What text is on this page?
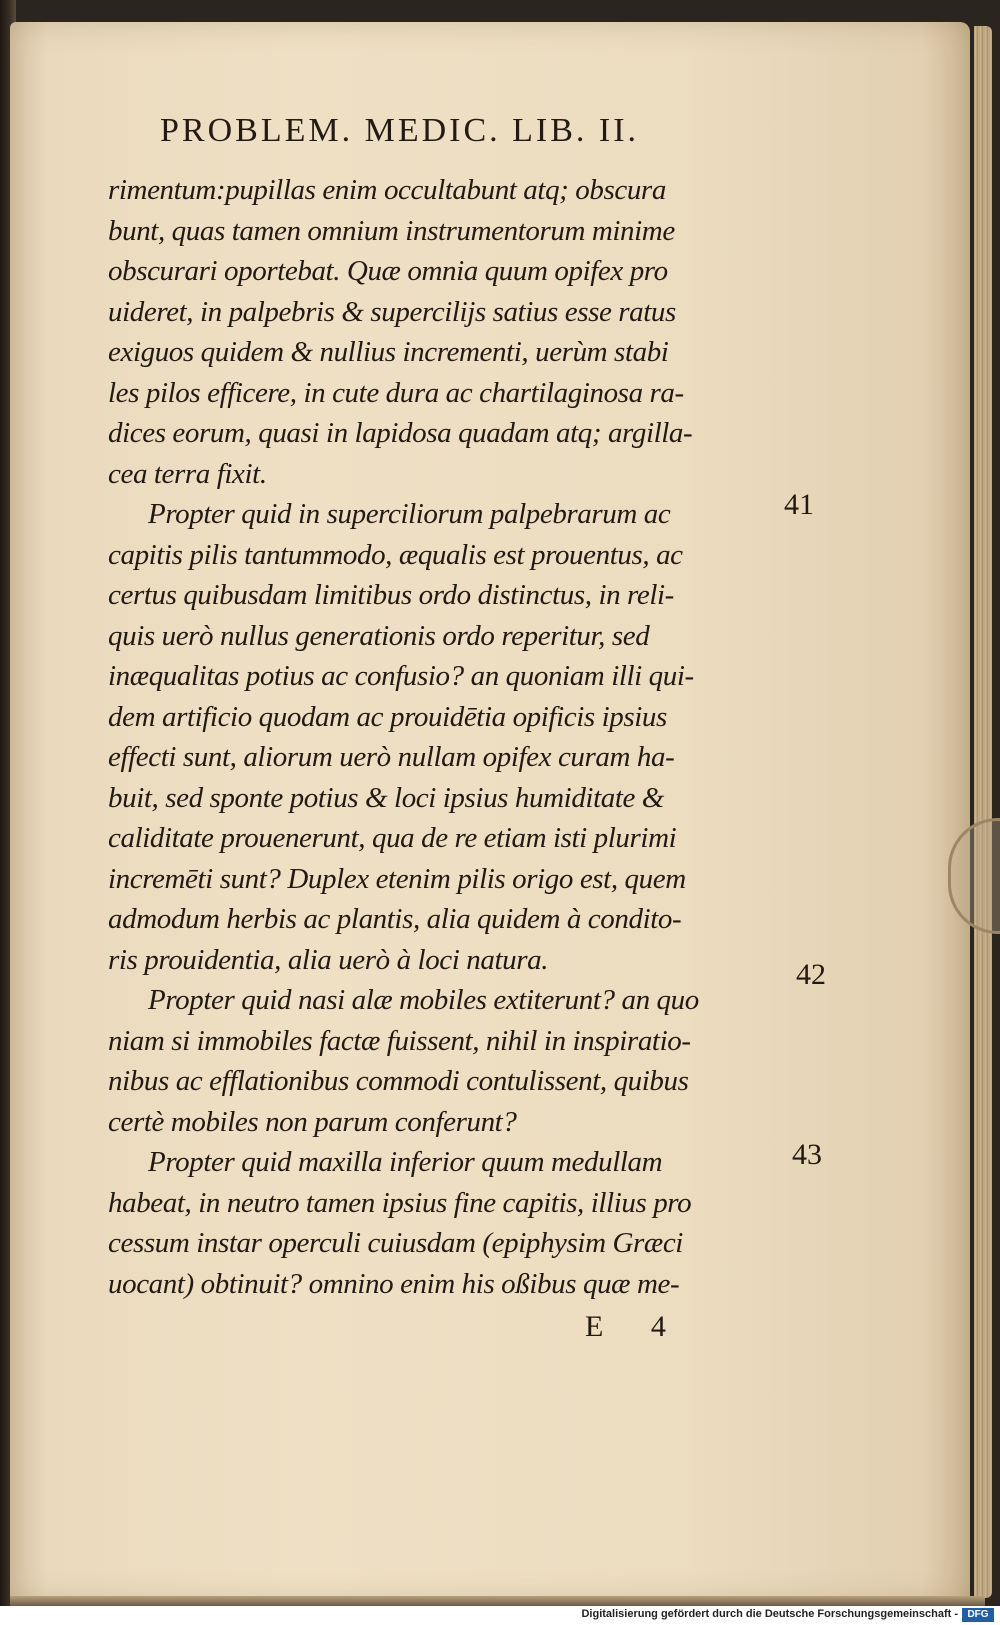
PROBLEM. MEDIC. LIB. II.
rimentum:pupillas enim occultabunt atq; obscura
bunt, quas tamen omnium instrumentorum minime
obscurari oportebat. Quæ omnia quum opifex pro
uideret, in palpebris & supercilijs satius esse ratus
exiguos quidem & nullius incrementi, uerùm stabi
les pilos efficere, in cute dura ac chartilaginosa ra-
dices eorum, quasi in lapidosa quadam atq; argilla-
cea terra fixit.
Propter quid in superciliorum palpebrarum ac
capitis pilis tantummodo, æqualis est prouentus, ac
certus quibusdam limitibus ordo distinctus, in reli-
quis uerò nullus generationis ordo reperitur, sed
inæqualitas potius ac confusio? an quoniam illi qui-
dem artificio quodam ac prouidētia opificis ipsius
effecti sunt, aliorum uerò nullam opifex curam ha-
buit, sed sponte potius & loci ipsius humiditate &
caliditate prouenerunt, qua de re etiam isti plurimi
incremēti sunt? Duplex etenim pilis origo est, quem
admodum herbis ac plantis, alia quidem à condito-
ris prouidentia, alia uerò à loci natura.
Propter quid nasi alæ mobiles extiterunt? an quo
niam si immobiles factæ fuissent, nihil in inspiratio-
nibus ac efflationibus commodi contulissent, quibus
certè mobiles non parum conferunt?
Propter quid maxilla inferior quum medullam
habeat, in neutro tamen ipsius fine capitis, illius pro
cessum instar operculi cuiusdam (epiphysim Græci
uocant) obtinuit? omnino enim his oßibus quæ me-
41
42
43
E 4
Digitalisierung gefördert durch die Deutsche Forschungsgemeinschaft - DFG
